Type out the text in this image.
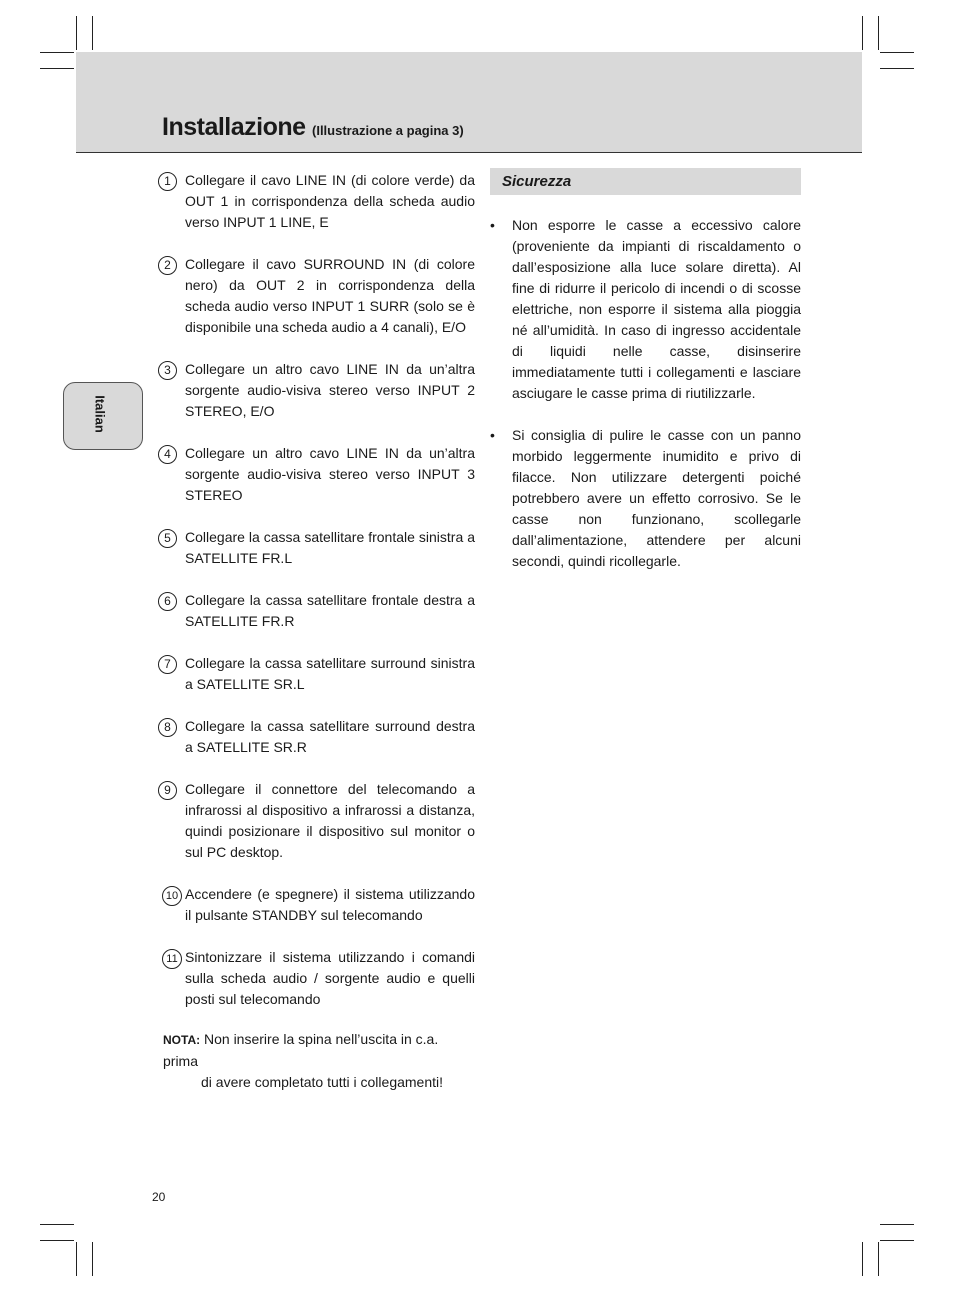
Installazione (Illustrazione a pagina 3)
Italian
1	Collegare il cavo LINE IN (di colore verde) da OUT 1 in corrispondenza della scheda audio verso INPUT 1 LINE, E
2	Collegare il cavo SURROUND IN (di colore nero) da OUT 2 in corrispondenza della scheda audio verso INPUT 1 SURR (solo se è disponibile una scheda audio a 4 canali), E/O
3	Collegare un altro cavo LINE IN da un’altra sorgente audio-visiva stereo verso INPUT 2 STEREO, E/O
4	Collegare un altro cavo LINE IN da un’altra sorgente audio-visiva stereo verso INPUT 3 STEREO
5	Collegare la cassa satellitare frontale sinistra a SATELLITE FR.L
6	Collegare la cassa satellitare frontale destra a SATELLITE FR.R
7	Collegare la cassa satellitare surround sinistra a SATELLITE SR.L
8	Collegare la cassa satellitare surround destra a SATELLITE SR.R
9	Collegare il connettore del telecomando a infrarossi al dispositivo a infrarossi a distanza, quindi posizionare il dispositivo sul monitor o sul PC desktop.
10 Accendere (e spegnere) il sistema utilizzando il pulsante STANDBY sul telecomando
11 Sintonizzare il sistema utilizzando i comandi sulla scheda audio / sorgente audio e quelli posti sul telecomando
NOTA: Non inserire la spina nell’uscita in c.a. prima
di avere completato tutti i collegamenti!
Sicurezza
• Non esporre le casse a eccessivo calore (proveniente da impianti di riscaldamento o dall’esposizione alla luce solare diretta). Al fine di ridurre il pericolo di incendi o di scosse elettriche, non esporre il sistema alla pioggia né all’umidità. In caso di ingresso accidentale di liquidi nelle casse, disinserire immediatamente tutti i collegamenti e lasciare asciugare le casse prima di riutilizzarle.
• Si consiglia di pulire le casse con un panno morbido leggermente inumidito e privo di filacce. Non utilizzare detergenti poiché potrebbero avere un effetto corrosivo. Se le casse non funzionano, scollegarle dall’alimentazione, attendere per alcuni secondi, quindi ricollegarle.
20
